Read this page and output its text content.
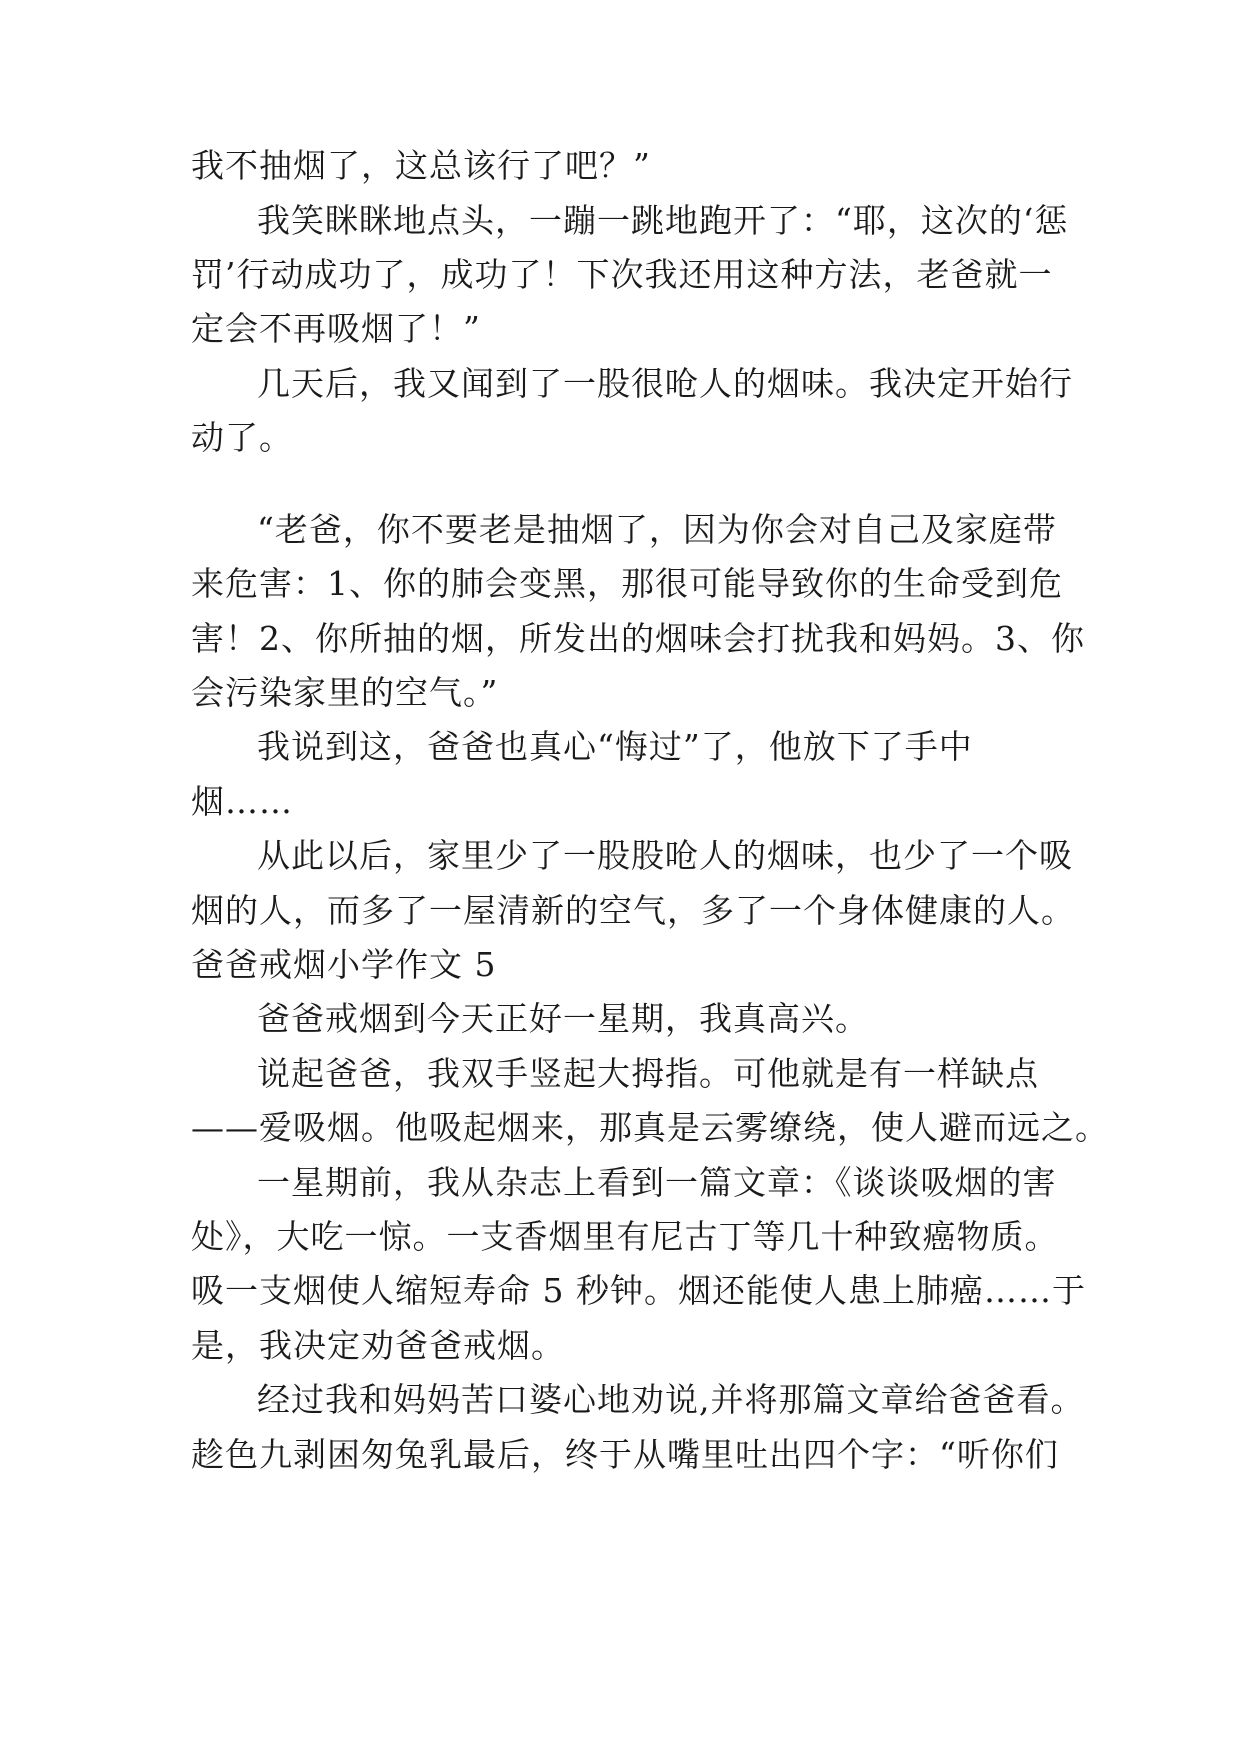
我不抽烟了，这总该行了吧？”
我笑眯眯地点头，一蹦一跳地跑开了：“耶，这次的‘惩
罚’行动成功了，成功了！下次我还用这种方法，老爸就一
定会不再吸烟了！”
几天后，我又闻到了一股很呛人的烟味。我决定开始行
动了。
“老爸，你不要老是抽烟了，因为你会对自己及家庭带
来危害：1、你的肺会变黑，那很可能导致你的生命受到危
害！2、你所抽的烟，所发出的烟味会打扰我和妈妈。3、你
会污染家里的空气。”
我说到这，爸爸也真心“悔过”了，他放下了手中
烟……
从此以后，家里少了一股股呛人的烟味，也少了一个吸
烟的人，而多了一屋清新的空气，多了一个身体健康的人。
爸爸戒烟小学作文 5
爸爸戒烟到今天正好一星期，我真高兴。
说起爸爸，我双手竖起大拇指。可他就是有一样缺点
——爱吸烟。他吸起烟来，那真是云雾缭绕，使人避而远之。
一星期前，我从杂志上看到一篇文章：《谈谈吸烟的害
处》，大吃一惊。一支香烟里有尼古丁等几十种致癌物质。
吸一支烟使人缩短寿命 5 秒钟。烟还能使人患上肺癌……于
是，我决定劝爸爸戒烟。
经过我和妈妈苦口婆心地劝说,并将那篇文章给爸爸看。
趁色九剥困匆兔乳最后，终于从嘴里吐出四个字：“听你们
